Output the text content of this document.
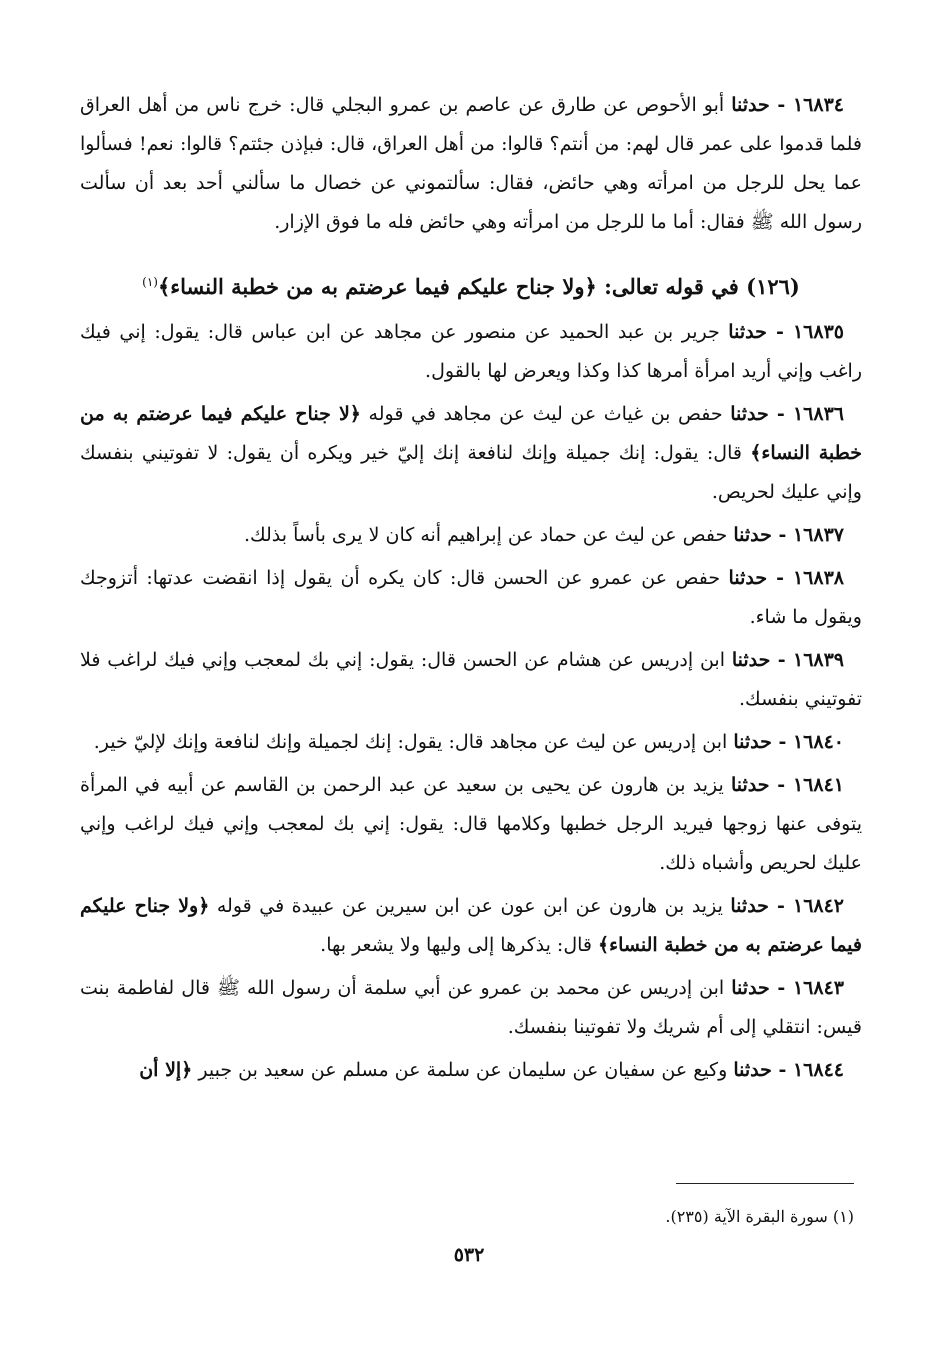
١٦٨٣٤ - حدثنا أبو الأحوص عن طارق عن عاصم بن عمرو البجلي قال: خرج ناس من أهل العراق فلما قدموا على عمر قال لهم: من أنتم؟ قالوا: من أهل العراق، قال: فبإذن جئتم؟ قالوا: نعم! فسألوا عما يحل للرجل من امرأته وهي حائض، فقال: سألتموني عن خصال ما سألني أحد بعد أن سألت رسول الله ﷺ فقال: أما ما للرجل من امرأته وهي حائض فله ما فوق الإزار.

(١٢٦) في قوله تعالى: ﴿ولا جناح عليكم فيما عرضتم به من خطبة النساء﴾$^{(١)}$

١٦٨٣٥ - حدثنا جرير بن عبد الحميد عن منصور عن مجاهد عن ابن عباس قال: يقول: إني فيك راغب وإني أريد امرأة أمرها كذا وكذا ويعرض لها بالقول.

١٦٨٣٦ - حدثنا حفص بن غياث عن ليث عن مجاهد في قوله ﴿لا جناح عليكم فيما عرضتم به من خطبة النساء﴾ قال: يقول: إنك جميلة وإنك لنافعة إنك إليّ خير ويكره أن يقول: لا تفوتيني بنفسك وإني عليك لحريص.

١٦٨٣٧ - حدثنا حفص عن ليث عن حماد عن إبراهيم أنه كان لا يرى بأساً بذلك.

١٦٨٣٨ - حدثنا حفص عن عمرو عن الحسن قال: كان يكره أن يقول إذا انقضت عدتها: أتزوجك ويقول ما شاء.

١٦٨٣٩ - حدثنا ابن إدريس عن هشام عن الحسن قال: يقول: إني بك لمعجب وإني فيك لراغب فلا تفوتيني بنفسك.

١٦٨٤٠ - حدثنا ابن إدريس عن ليث عن مجاهد قال: يقول: إنك لجميلة وإنك لنافعة وإنك لإليّ خير.

١٦٨٤١ - حدثنا يزيد بن هارون عن يحيى بن سعيد عن عبد الرحمن بن القاسم عن أبيه في المرأة يتوفى عنها زوجها فيريد الرجل خطبها وكلامها قال: يقول: إني بك لمعجب وإني فيك لراغب وإني عليك لحريص وأشباه ذلك.

١٦٨٤٢ - حدثنا يزيد بن هارون عن ابن عون عن ابن سيرين عن عبيدة في قوله ﴿ولا جناح عليكم فيما عرضتم به من خطبة النساء﴾ قال: يذكرها إلى وليها ولا يشعر بها.

١٦٨٤٣ - حدثنا ابن إدريس عن محمد بن عمرو عن أبي سلمة أن رسول الله ﷺ قال لفاطمة بنت قيس: انتقلي إلى أم شريك ولا تفوتينا بنفسك.

١٦٨٤٤ - حدثنا وكيع عن سفيان عن سليمان عن سلمة عن مسلم عن سعيد بن جبير ﴿إلا أن

(١) سورة البقرة الآية (٢٣٥).
٥٣٢
